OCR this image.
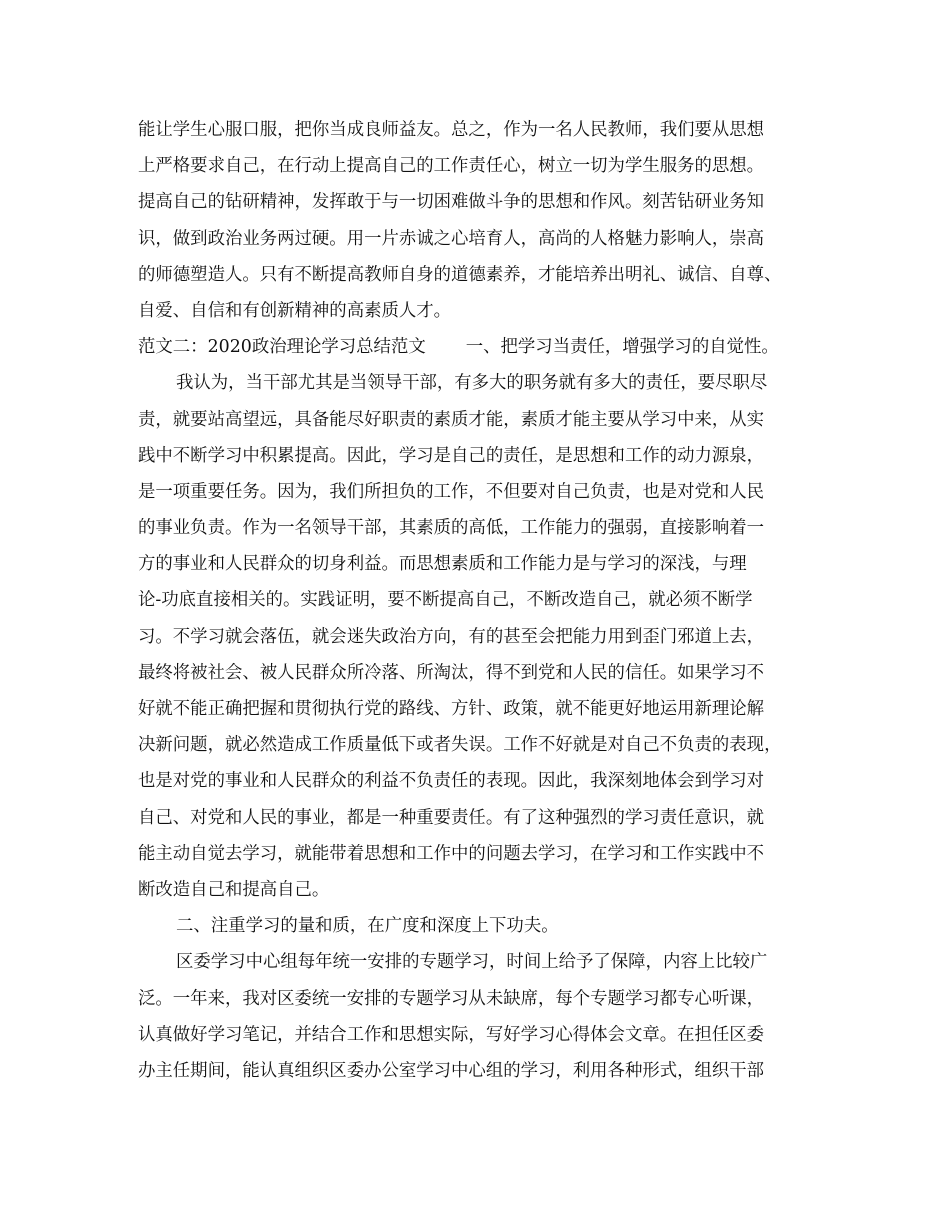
能让学生心服口服，把你当成良师益友。总之，作为一名人民教师，我们要从思想
上严格要求自己，在行动上提高自己的工作责任心，树立一切为学生服务的思想。
提高自己的钻研精神，发挥敢于与一切困难做斗争的思想和作风。刻苦钻研业务知
识，做到政治业务两过硬。用一片赤诚之心培育人，高尚的人格魅力影响人，崇高
的师德塑造人。只有不断提高教师自身的道德素养，才能培养出明礼、诚信、自尊、
自爱、自信和有创新精神的高素质人才。
范文二：2020政治理论学习总结范文 一、把学习当责任，增强学习的自觉性。
我认为，当干部尤其是当领导干部，有多大的职务就有多大的责任，要尽职尽
责，就要站高望远，具备能尽好职责的素质才能，素质才能主要从学习中来，从实
践中不断学习中积累提高。因此，学习是自己的责任，是思想和工作的动力源泉，
是一项重要任务。因为，我们所担负的工作，不但要对自己负责，也是对党和人民
的事业负责。作为一名领导干部，其素质的高低，工作能力的强弱，直接影响着一
方的事业和人民群众的切身利益。而思想素质和工作能力是与学习的深浅，与理
论-功底直接相关的。实践证明，要不断提高自己，不断改造自己，就必须不断学
习。不学习就会落伍，就会迷失政治方向，有的甚至会把能力用到歪门邪道上去，
最终将被社会、被人民群众所冷落、所淘汰，得不到党和人民的信任。如果学习不
好就不能正确把握和贯彻执行党的路线、方针、政策，就不能更好地运用新理论解
决新问题，就必然造成工作质量低下或者失误。工作不好就是对自己不负责的表现，
也是对党的事业和人民群众的利益不负责任的表现。因此，我深刻地体会到学习对
自己、对党和人民的事业，都是一种重要责任。有了这种强烈的学习责任意识，就
能主动自觉去学习，就能带着思想和工作中的问题去学习，在学习和工作实践中不
断改造自己和提高自己。
二、注重学习的量和质，在广度和深度上下功夫。
区委学习中心组每年统一安排的专题学习，时间上给予了保障，内容上比较广
泛。一年来，我对区委统一安排的专题学习从未缺席，每个专题学习都专心听课，
认真做好学习笔记，并结合工作和思想实际，写好学习心得体会文章。在担任区委
办主任期间，能认真组织区委办公室学习中心组的学习，利用各种形式，组织干部
